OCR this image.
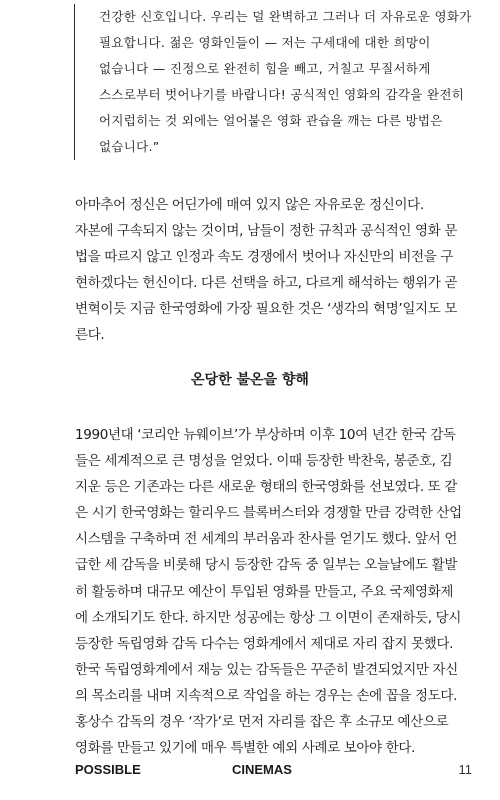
건강한 신호입니다. 우리는 덜 완벽하고 그러나 더 자유로운 영화가
필요합니다. 젊은 영화인들이 — 저는 구세대에 대한 희망이
없습니다 — 진정으로 완전히 힘을 빼고, 거칠고 무질서하게
스스로부터 벗어나기를 바랍니다! 공식적인 영화의 감각을 완전히
어지럽히는 것 외에는 얼어붙은 영화 관습을 깨는 다른 방법은
없습니다.”
아마추어 정신은 어딘가에 매여 있지 않은 자유로운 정신이다.
자본에 구속되지 않는 것이며, 남들이 정한 규칙과 공식적인 영화 문
법을 따르지 않고 인정과 속도 경쟁에서 벗어나 자신만의 비전을 구
현하겠다는 헌신이다. 다른 선택을 하고, 다르게 해석하는 행위가 곧
변혁이듯 지금 한국영화에 가장 필요한 것은 ‘생각의 혁명’일지도 모
른다.
온당한 불온을 향해
1990년대 ‘코리안 뉴웨이브’가 부상하며 이후 10여 년간 한국 감독
들은 세계적으로 큰 명성을 얻었다. 이때 등장한 박찬욱, 봉준호, 김
지운 등은 기존과는 다른 새로운 형태의 한국영화를 선보였다. 또 같
은 시기 한국영화는 할리우드 블록버스터와 경쟁할 만큼 강력한 산업
시스템을 구축하며 전 세계의 부러움과 찬사를 얻기도 했다. 앞서 언
급한 세 감독을 비롯해 당시 등장한 감독 중 일부는 오늘날에도 활발
히 활동하며 대규모 예산이 투입된 영화를 만들고, 주요 국제영화제
에 소개되기도 한다. 하지만 성공에는 항상 그 이면이 존재하듯, 당시
등장한 독립영화 감독 다수는 영화계에서 제대로 자리 잡지 못했다.
한국 독립영화계에서 재능 있는 감독들은 꾸준히 발견되었지만 자신
의 목소리를 내며 지속적으로 작업을 하는 경우는 손에 꼽을 정도다.
홍상수 감독의 경우 ‘작가’로 먼저 자리를 잡은 후 소규모 예산으로
영화를 만들고 있기에 매우 특별한 예외 사례로 보아야 한다.
POSSIBLE	CINEMAS	11
